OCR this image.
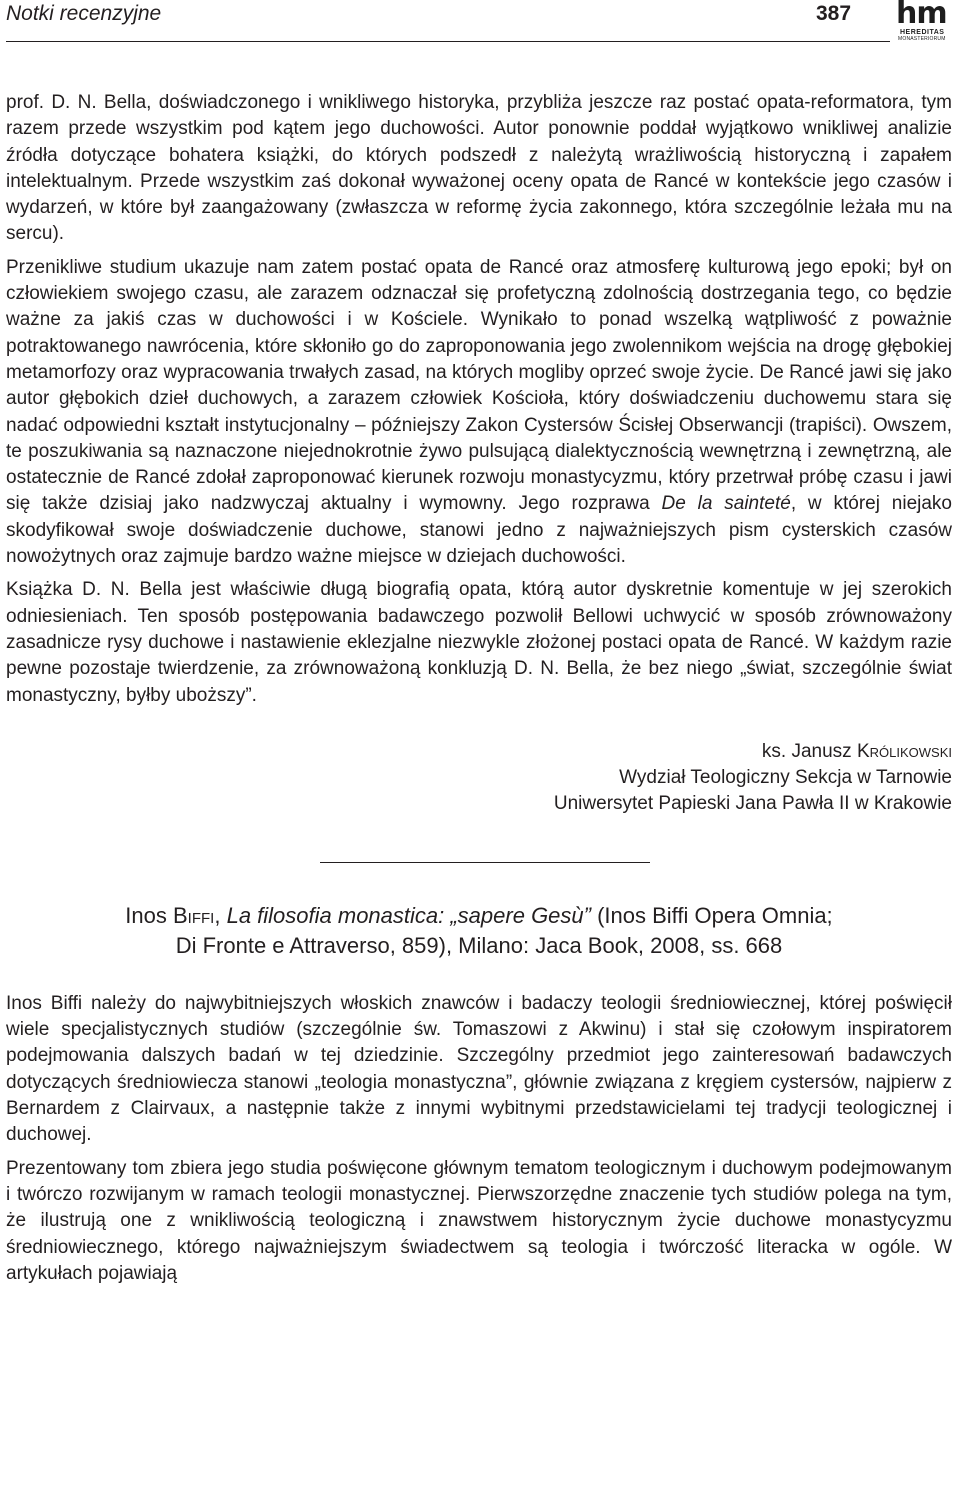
Notki recenzyjne	387 hm
HEREDITAS
MONASTERIORUM

prof. D. N. Bella, doświadczonego i wnikliwego historyka, przybliża jeszcze raz postać opata-reformatora, tym razem przede wszystkim pod kątem jego duchowości. Autor ponownie poddał wyjątkowo wnikliwej analizie źródła dotyczące bohatera książki, do których podszedł z należytą wrażliwością historyczną i zapałem intelektualnym. Przede wszystkim zaś dokonał wyważonej oceny opata de Rancé w kontekście jego czasów i wydarzeń, w które był zaangażowany (zwłaszcza w reformę życia zakonnego, która szczególnie leżała mu na sercu).

Przenikliwe studium ukazuje nam zatem postać opata de Rancé oraz atmosferę kulturową jego epoki; był on człowiekiem swojego czasu, ale zarazem odznaczał się profetyczną zdolnością dostrzegania tego, co będzie ważne za jakiś czas w duchowości i w Kościele. Wynikało to ponad wszelką wątpliwość z poważnie potraktowanego nawrócenia, które skłoniło go do zaproponowania jego zwolennikom wejścia na drogę głębokiej metamorfozy oraz wypracowania trwałych zasad, na których mogliby oprzeć swoje życie. De Rancé jawi się jako autor głębokich dzieł duchowych, a zarazem człowiek Kościoła, który doświadczeniu duchowemu stara się nadać odpowiedni kształt instytucjonalny – późniejszy Zakon Cystersów Ścisłej Obserwancji (trapiści). Owszem, te poszukiwania są naznaczone niejednokrotnie żywo pulsującą dialektycznością wewnętrzną i zewnętrzną, ale ostatecznie de Rancé zdołał zaproponować kierunek rozwoju monastycyzmu, który przetrwał próbę czasu i jawi się także dzisiaj jako nadzwyczaj aktualny i wymowny. Jego rozprawa De la sainteté, w której niejako skodyfikował swoje doświadczenie duchowe, stanowi jedno z najważniejszych pism cysterskich czasów nowożytnych oraz zajmuje bardzo ważne miejsce w dziejach duchowości.

Książka D. N. Bella jest właściwie długą biografią opata, którą autor dyskretnie komentuje w jej szerokich odniesieniach. Ten sposób postępowania badawczego pozwolił Bellowi uchwycić w sposób zrównoważony zasadnicze rysy duchowe i nastawienie eklezjalne niezwykle złożonej postaci opata de Rancé. W każdym razie pewne pozostaje twierdzenie, za zrównoważoną konkluzją D. N. Bella, że bez niego „świat, szczególnie świat monastyczny, byłby uboższy”.

ks. Janusz Królikowski
Wydział Teologiczny Sekcja w Tarnowie
Uniwersytet Papieski Jana Pawła II w Krakowie
Inos Biffi, La filosofia monastica: „sapere Gesù” (Inos Biffi Opera Omnia;
Di Fronte e Attraverso, 859), Milano: Jaca Book, 2008, ss. 668

Inos Biffi należy do najwybitniejszych włoskich znawców i badaczy teologii średniowiecznej, której poświęcił wiele specjalistycznych studiów (szczególnie św. Tomaszowi z Akwinu) i stał się czołowym inspiratorem podejmowania dalszych badań w tej dziedzinie. Szczególny przedmiot jego zainteresowań badawczych dotyczących średniowiecza stanowi „teologia monastyczna”, głównie związana z kręgiem cystersów, najpierw z Bernardem z Clairvaux, a następnie także z innymi wybitnymi przedstawicielami tej tradycji teologicznej i duchowej.

Prezentowany tom zbiera jego studia poświęcone głównym tematom teologicznym i duchowym podejmowanym i twórczo rozwijanym w ramach teologii monastycznej. Pierwszorzędne znaczenie tych studiów polega na tym, że ilustrują one z wnikliwością teologiczną i znawstwem historycznym życie duchowe monastycyzmu średniowiecznego, którego najważniejszym świadectwem są teologia i twórczość literacka w ogóle. W artykułach pojawiają
